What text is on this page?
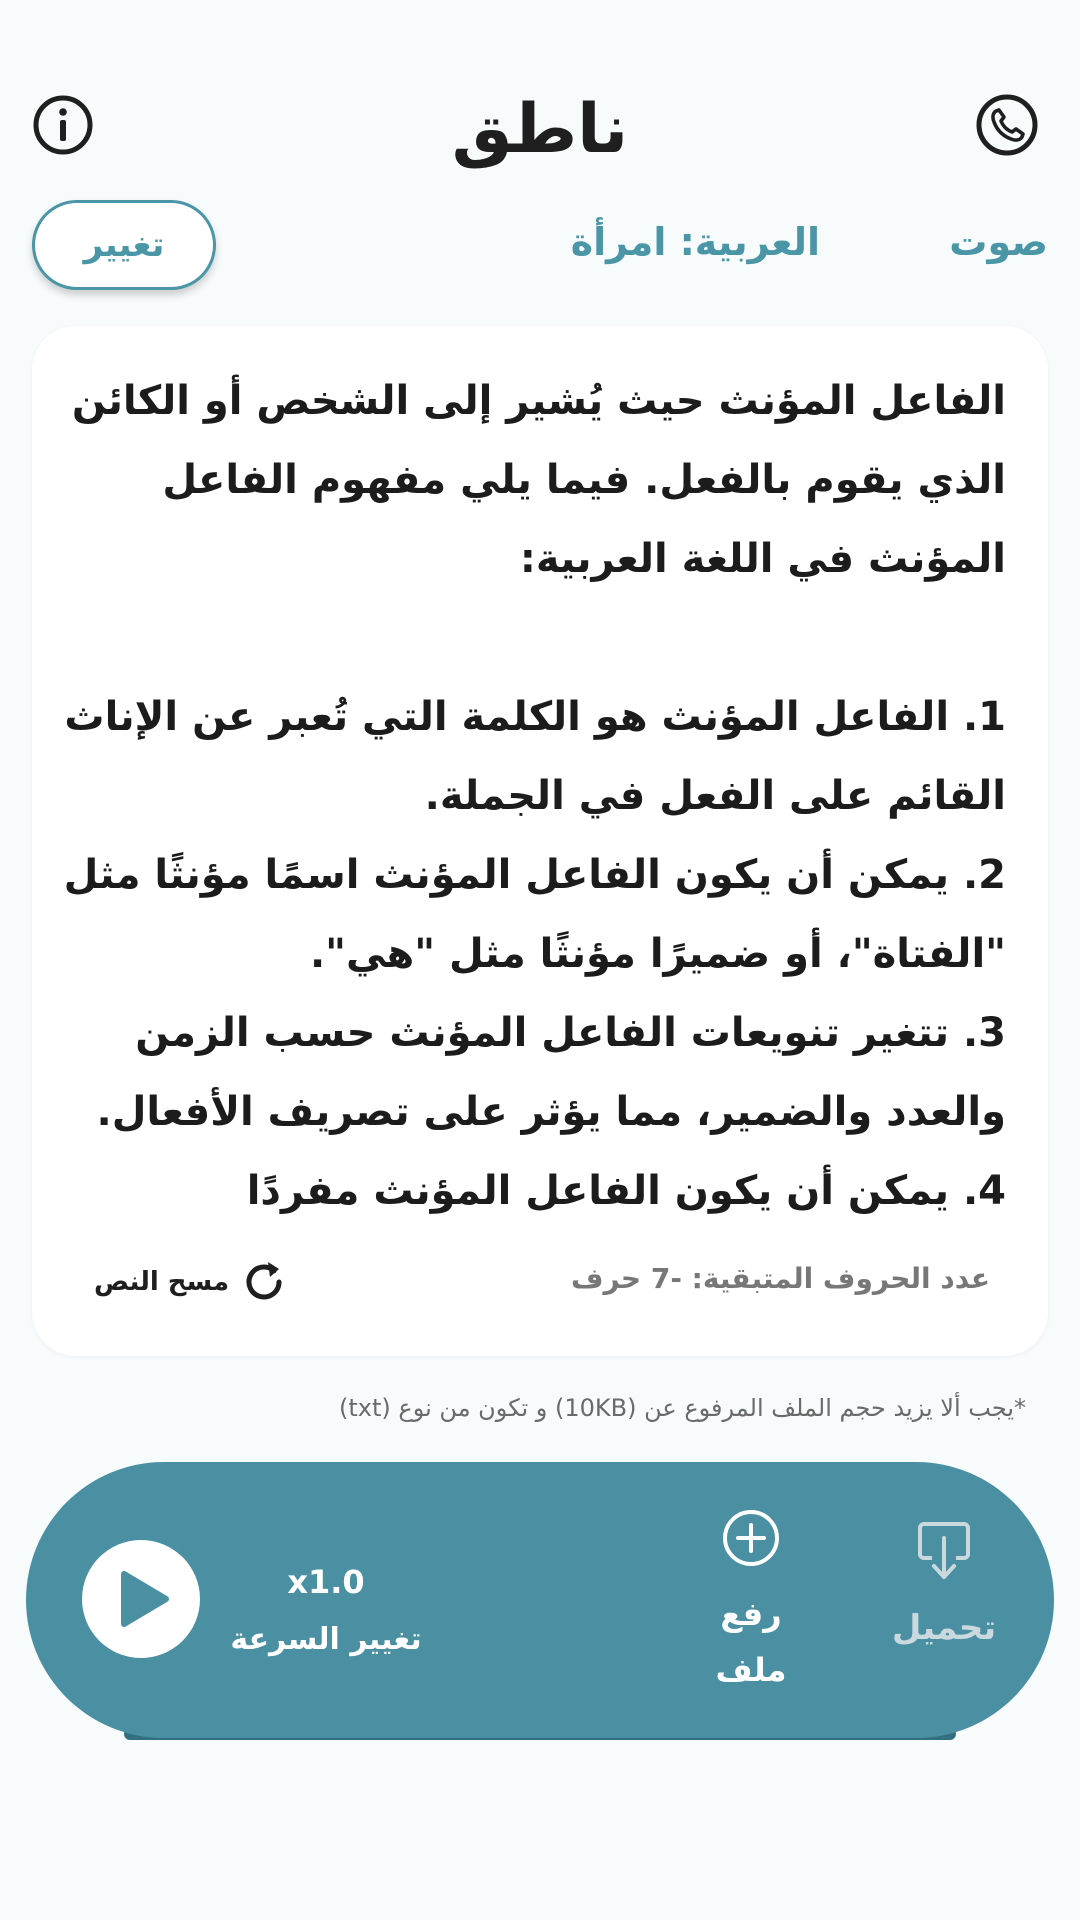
ناطق
صوت
العربية: امرأة
تغيير
الفاعل المؤنث حيث يُشير إلى الشخص أو الكائن الذي يقوم بالفعل. فيما يلي مفهوم الفاعل المؤنث في اللغة العربية:

1. الفاعل المؤنث هو الكلمة التي تُعبر عن الإناث القائم على الفعل في الجملة.
2. يمكن أن يكون الفاعل المؤنث اسمًا مؤنثًا مثل "الفتاة"، أو ضميرًا مؤنثًا مثل "هي".
3. تتغير تنويعات الفاعل المؤنث حسب الزمن والعدد والضمير، مما يؤثر على تصريف الأفعال.
4. يمكن أن يكون الفاعل المؤنث مفردًا
عدد الحروف المتبقية: -7 حرف
مسح النص
*يجب ألا يزيد حجم الملف المرفوع عن (10KB) و تكون من نوع (txt)
x1.0
تغيير السرعة
رفع
ملف
تحميل
